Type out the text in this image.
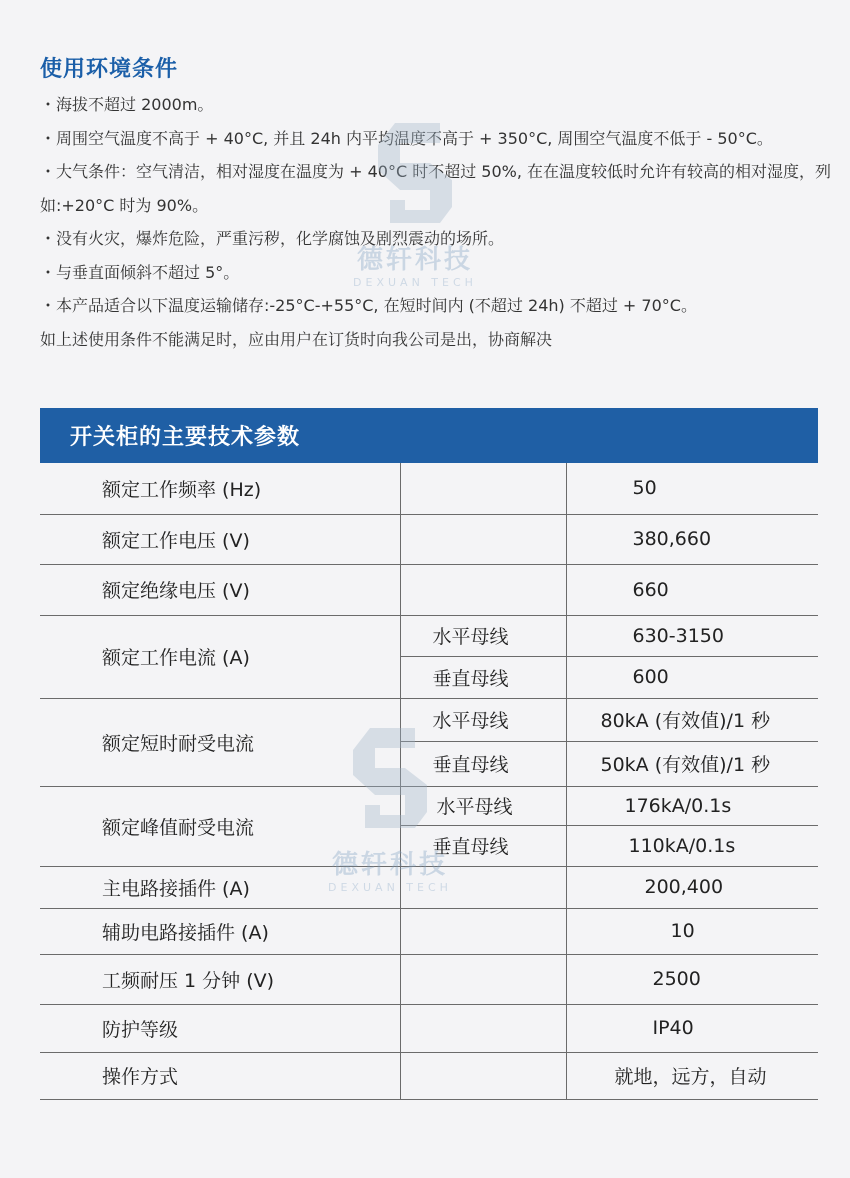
使用环境条件

・ 海拔不超过 2000m。

・ 周围空气温度不高于 + 40°C, 并且 24h 内平均温度不高于 + 350°C, 周围空气温度不低于 - 50°C。

・ 大气条件：空气清洁，相对湿度在温度为 + 40°C 时不超过 50%, 在在温度较低时允许有较高的相对湿度，列如:+20°C 时为 90%。

・ 没有火灾，爆炸危险，严重污秽，化学腐蚀及剧烈震动的场所。

・ 与垂直面倾斜不超过 5°。

・ 本产品适合以下温度运输储存:-25°C-+55°C, 在短时间内 (不超过 24h) 不超过 + 70°C。

如上述使用条件不能满足时，应由用户在订货时向我公司是出，协商解决

开关柜的主要技术参数
额定工作频率 (Hz)		50
额定工作电压 (V)		380,660
额定绝缘电压 (V)		660
额定工作电流 (A)	水平母线	630-3150
	垂直母线	600
额定短时耐受电流	水平母线	80kA (有效值)/1 秒
	垂直母线	50kA (有效值)/1 秒
额定峰值耐受电流	水平母线	176kA/0.1s
	垂直母线	110kA/0.1s
主电路接插件 (A)		200,400
辅助电路接插件 (A)		10
工频耐压 1 分钟 (V)		2500
防护等级		IP40
操作方式		就地，远方，自动
德轩科技
DEXUAN TECH
德轩科技
DEXUAN TECH
